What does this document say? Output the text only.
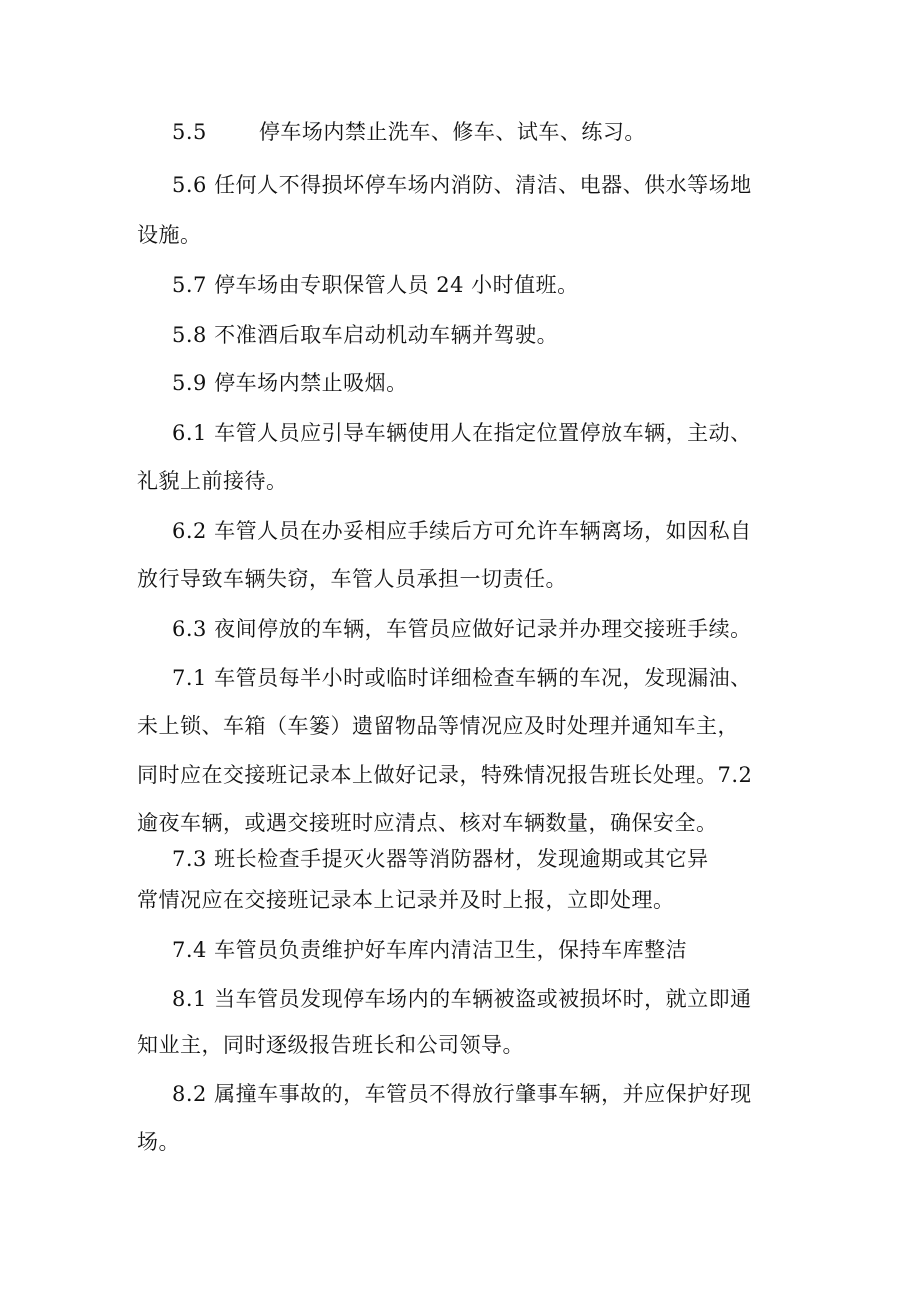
5.5 停车场内禁止洗车、修车、试车、练习。
5.6 任何人不得损坏停车场内消防、清洁、电器、供水等场地
设施。
5.7 停车场由专职保管人员 24 小时值班。
5.8 不准酒后取车启动机动车辆并驾驶。
5.9 停车场内禁止吸烟。
6.1 车管人员应引导车辆使用人在指定位置停放车辆，主动、
礼貌上前接待。
6.2 车管人员在办妥相应手续后方可允许车辆离场，如因私自
放行导致车辆失窃，车管人员承担一切责任。
6.3 夜间停放的车辆，车管员应做好记录并办理交接班手续。
7.1 车管员每半小时或临时详细检查车辆的车况，发现漏油、
未上锁、车箱（车篓）遗留物品等情况应及时处理并通知车主，
同时应在交接班记录本上做好记录，特殊情况报告班长处理。7.2
逾夜车辆，或遇交接班时应清点、核对车辆数量，确保安全。
7.3 班长检查手提灭火器等消防器材，发现逾期或其它异
常情况应在交接班记录本上记录并及时上报，立即处理。
7.4 车管员负责维护好车库内清洁卫生，保持车库整洁
8.1 当车管员发现停车场内的车辆被盗或被损坏时，就立即通
知业主，同时逐级报告班长和公司领导。
8.2 属撞车事故的，车管员不得放行肇事车辆，并应保护好现
场。
